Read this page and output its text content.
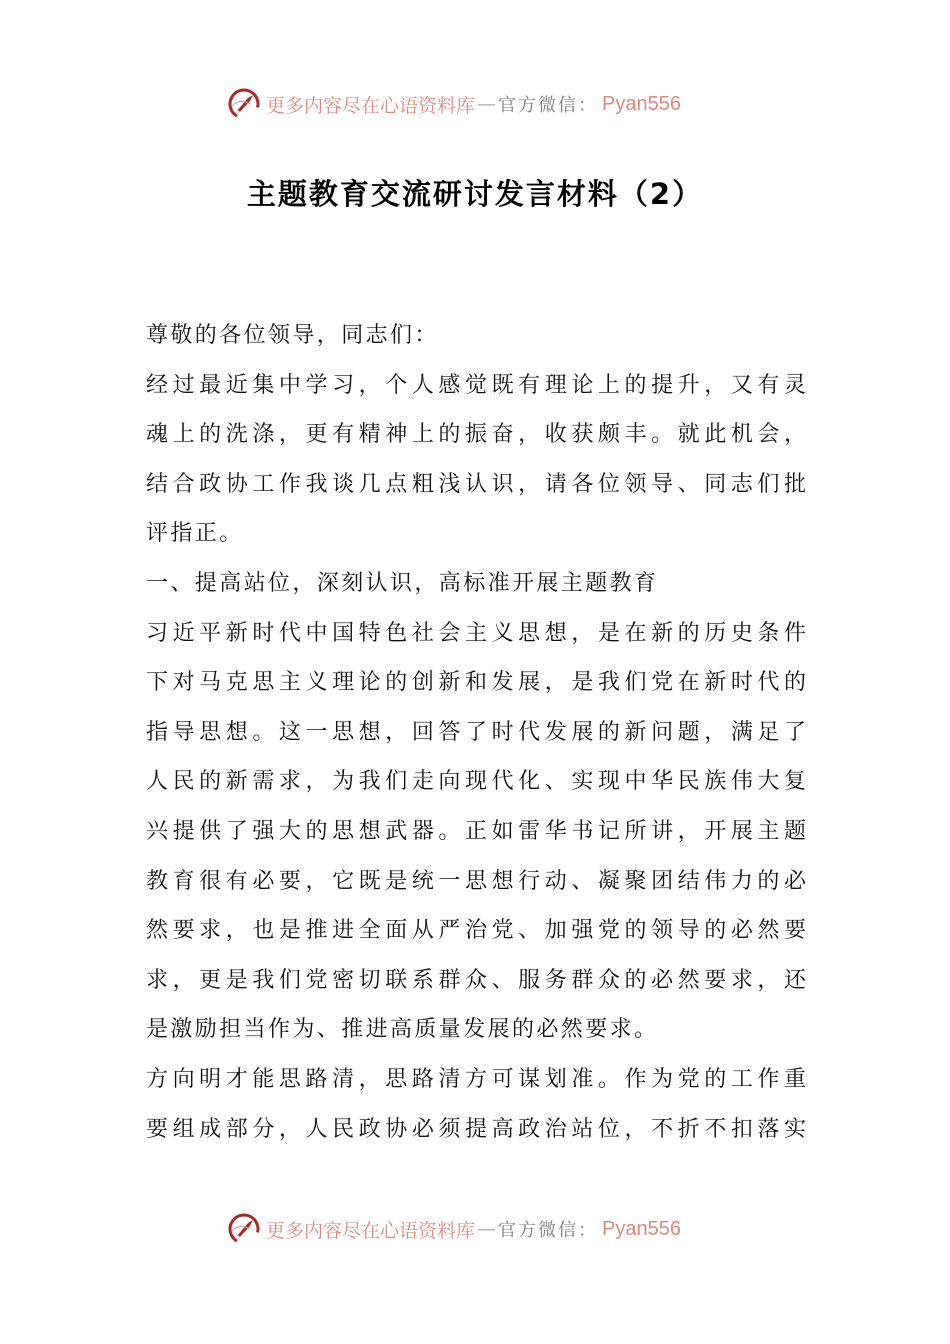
更多内容尽在心语资料库 — 官方微信： Pyan556
主题教育交流研讨发言材料（2）
尊敬的各位领导，同志们：
经过最近集中学习，个人感觉既有理论上的提升，又有灵
魂上的洗涤，更有精神上的振奋，收获颇丰。就此机会，
结合政协工作我谈几点粗浅认识，请各位领导、同志们批
评指正。
一、提高站位，深刻认识，高标准开展主题教育
习近平新时代中国特色社会主义思想，是在新的历史条件
下对马克思主义理论的创新和发展，是我们党在新时代的
指导思想。这一思想，回答了时代发展的新问题，满足了
人民的新需求，为我们走向现代化、实现中华民族伟大复
兴提供了强大的思想武器。正如雷华书记所讲，开展主题
教育很有必要，它既是统一思想行动、凝聚团结伟力的必
然要求，也是推进全面从严治党、加强党的领导的必然要
求，更是我们党密切联系群众、服务群众的必然要求，还
是激励担当作为、推进高质量发展的必然要求。
方向明才能思路清，思路清方可谋划准。作为党的工作重
要组成部分，人民政协必须提高政治站位，不折不扣落实
更多内容尽在心语资料库 — 官方微信： Pyan556
